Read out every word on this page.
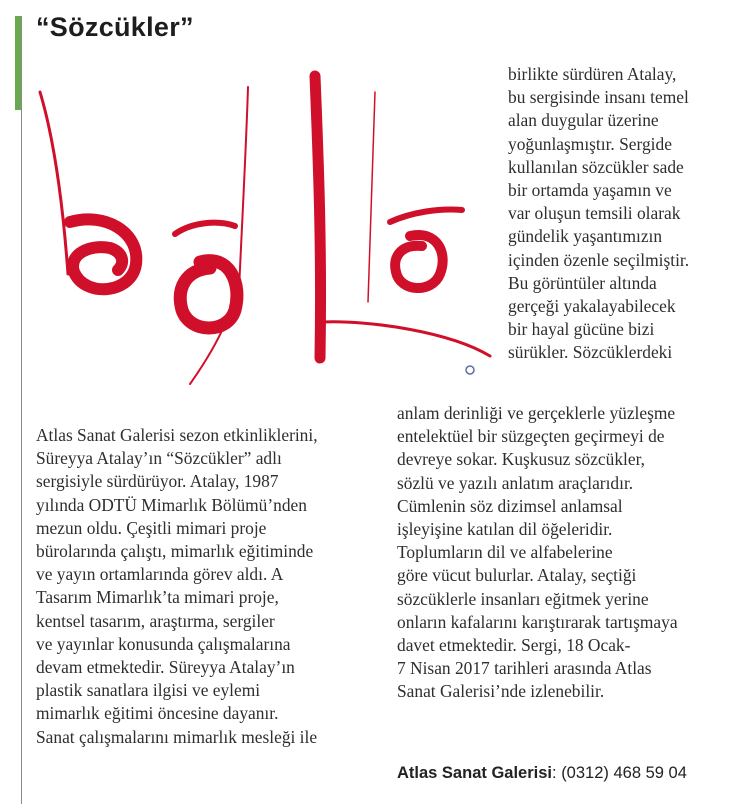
“Sözcükler”
birlikte sürdüren Atalay,
bu sergisinde insanı temel
alan duygular üzerine
yoğunlaşmıştır. Sergide
kullanılan sözcükler sade
bir ortamda yaşamın ve
var oluşun temsili olarak
gündelik yaşantımızın
içinden özenle seçilmiştir.
Bu görüntüler altında
gerçeği yakalayabilecek
bir hayal gücüne bizi
sürükler. Sözcüklerdeki
anlam derinliği ve gerçeklerle yüzleşme
entelektüel bir süzgeçten geçirmeyi de
devreye sokar. Kuşkusuz sözcükler,
sözlü ve yazılı anlatım araçlarıdır.
Cümlenin söz dizimsel anlamsal
işleyişine katılan dil öğeleridir.
Toplumların dil ve alfabelerine
göre vücut bulurlar. Atalay, seçtiği
sözcüklerle insanları eğitmek yerine
onların kafalarını karıştırarak tartışmaya
davet etmektedir. Sergi, 18 Ocak-
7 Nisan 2017 tarihleri arasında Atlas
Sanat Galerisi’nde izlenebilir.
Atlas Sanat Galerisi sezon etkinliklerini,
Süreyya Atalay’ın “Sözcükler” adlı
sergisiyle sürdürüyor. Atalay, 1987
yılında ODTÜ Mimarlık Bölümü’nden
mezun oldu. Çeşitli mimari proje
bürolarında çalıştı, mimarlık eğitiminde
ve yayın ortamlarında görev aldı. A
Tasarım Mimarlık’ta mimari proje,
kentsel tasarım, araştırma, sergiler
ve yayınlar konusunda çalışmalarına
devam etmektedir. Süreyya Atalay’ın
plastik sanatlara ilgisi ve eylemi
mimarlık eğitimi öncesine dayanır.
Sanat çalışmalarını mimarlık mesleği ile
Atlas Sanat Galerisi: (0312) 468 59 04
